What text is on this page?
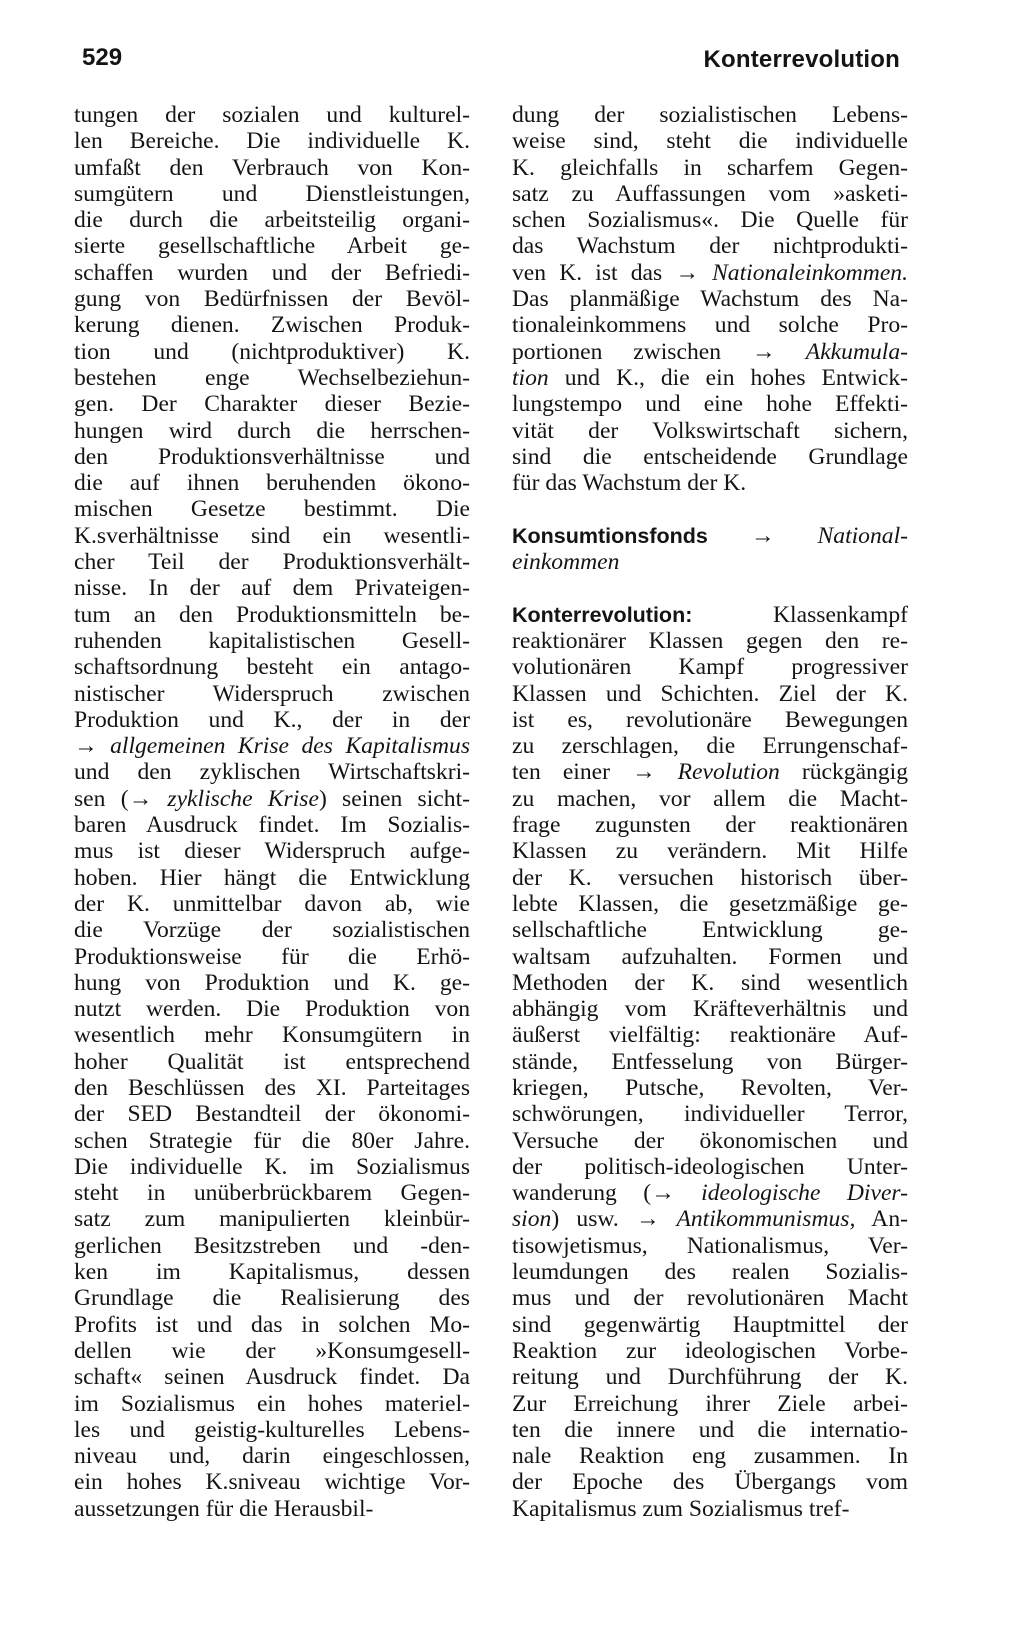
529	Konterrevolution
tungen der sozialen und kulturel-
len Bereiche. Die individuelle K.
umfaßt den Verbrauch von Kon-
sumgütern und Dienstleistungen,
die durch die arbeitsteilig organi-
sierte gesellschaftliche Arbeit ge-
schaffen wurden und der Befriedi-
gung von Bedürfnissen der Bevöl-
kerung dienen. Zwischen Produk-
tion und (nichtproduktiver) K.
bestehen enge Wechselbeziehun-
gen. Der Charakter dieser Bezie-
hungen wird durch die herrschen-
den Produktionsverhältnisse und
die auf ihnen beruhenden ökono-
mischen Gesetze bestimmt. Die
K.sverhältnisse sind ein wesentli-
cher Teil der Produktionsverhält-
nisse. In der auf dem Privateigen-
tum an den Produktionsmitteln be-
ruhenden kapitalistischen Gesell-
schaftsordnung besteht ein antago-
nistischer Widerspruch zwischen
Produktion und K., der in der
→ allgemeinen Krise des Kapitalismus
und den zyklischen Wirtschaftskri-
sen (→ zyklische Krise) seinen sicht-
baren Ausdruck findet. Im Sozialis-
mus ist dieser Widerspruch aufge-
hoben. Hier hängt die Entwicklung
der K. unmittelbar davon ab, wie
die Vorzüge der sozialistischen
Produktionsweise für die Erhö-
hung von Produktion und K. ge-
nutzt werden. Die Produktion von
wesentlich mehr Konsumgütern in
hoher Qualität ist entsprechend
den Beschlüssen des XI. Parteitages
der SED Bestandteil der ökonomi-
schen Strategie für die 80er Jahre.
Die individuelle K. im Sozialismus
steht in unüberbrückbarem Gegen-
satz zum manipulierten kleinbür-
gerlichen Besitzstreben und -den-
ken im Kapitalismus, dessen
Grundlage die Realisierung des
Profits ist und das in solchen Mo-
dellen wie der »Konsumgesell-
schaft« seinen Ausdruck findet. Da
im Sozialismus ein hohes materiel-
les und geistig-kulturelles Lebens-
niveau und, darin eingeschlossen,
ein hohes K.sniveau wichtige Vor-
aussetzungen für die Herausbil-
dung der sozialistischen Lebens-
weise sind, steht die individuelle
K. gleichfalls in scharfem Gegen-
satz zu Auffassungen vom »asketi-
schen Sozialismus«. Die Quelle für
das Wachstum der nichtprodukti-
ven K. ist das → Nationaleinkommen.
Das planmäßige Wachstum des Na-
tionaleinkommens und solche Pro-
portionen zwischen → Akkumula-
tion und K., die ein hohes Entwick-
lungstempo und eine hohe Effekti-
vität der Volkswirtschaft sichern,
sind die entscheidende Grundlage
für das Wachstum der K.
Konsumtionsfonds → National-
einkommen
Konterrevolution: Klassenkampf
reaktionärer Klassen gegen den re-
volutionären Kampf progressiver
Klassen und Schichten. Ziel der K.
ist es, revolutionäre Bewegungen
zu zerschlagen, die Errungenschaf-
ten einer → Revolution rückgängig
zu machen, vor allem die Macht-
frage zugunsten der reaktionären
Klassen zu verändern. Mit Hilfe
der K. versuchen historisch über-
lebte Klassen, die gesetzmäßige ge-
sellschaftliche Entwicklung ge-
waltsam aufzuhalten. Formen und
Methoden der K. sind wesentlich
abhängig vom Kräfteverhältnis und
äußerst vielfältig: reaktionäre Auf-
stände, Entfesselung von Bürger-
kriegen, Putsche, Revolten, Ver-
schwörungen, individueller Terror,
Versuche der ökonomischen und
der politisch-ideologischen Unter-
wanderung (→ ideologische Diver-
sion) usw. → Antikommunismus, An-
tisowjetismus, Nationalismus, Ver-
leumdungen des realen Sozialis-
mus und der revolutionären Macht
sind gegenwärtig Hauptmittel der
Reaktion zur ideologischen Vorbe-
reitung und Durchführung der K.
Zur Erreichung ihrer Ziele arbei-
ten die innere und die internatio-
nale Reaktion eng zusammen. In
der Epoche des Übergangs vom
Kapitalismus zum Sozialismus tref-
